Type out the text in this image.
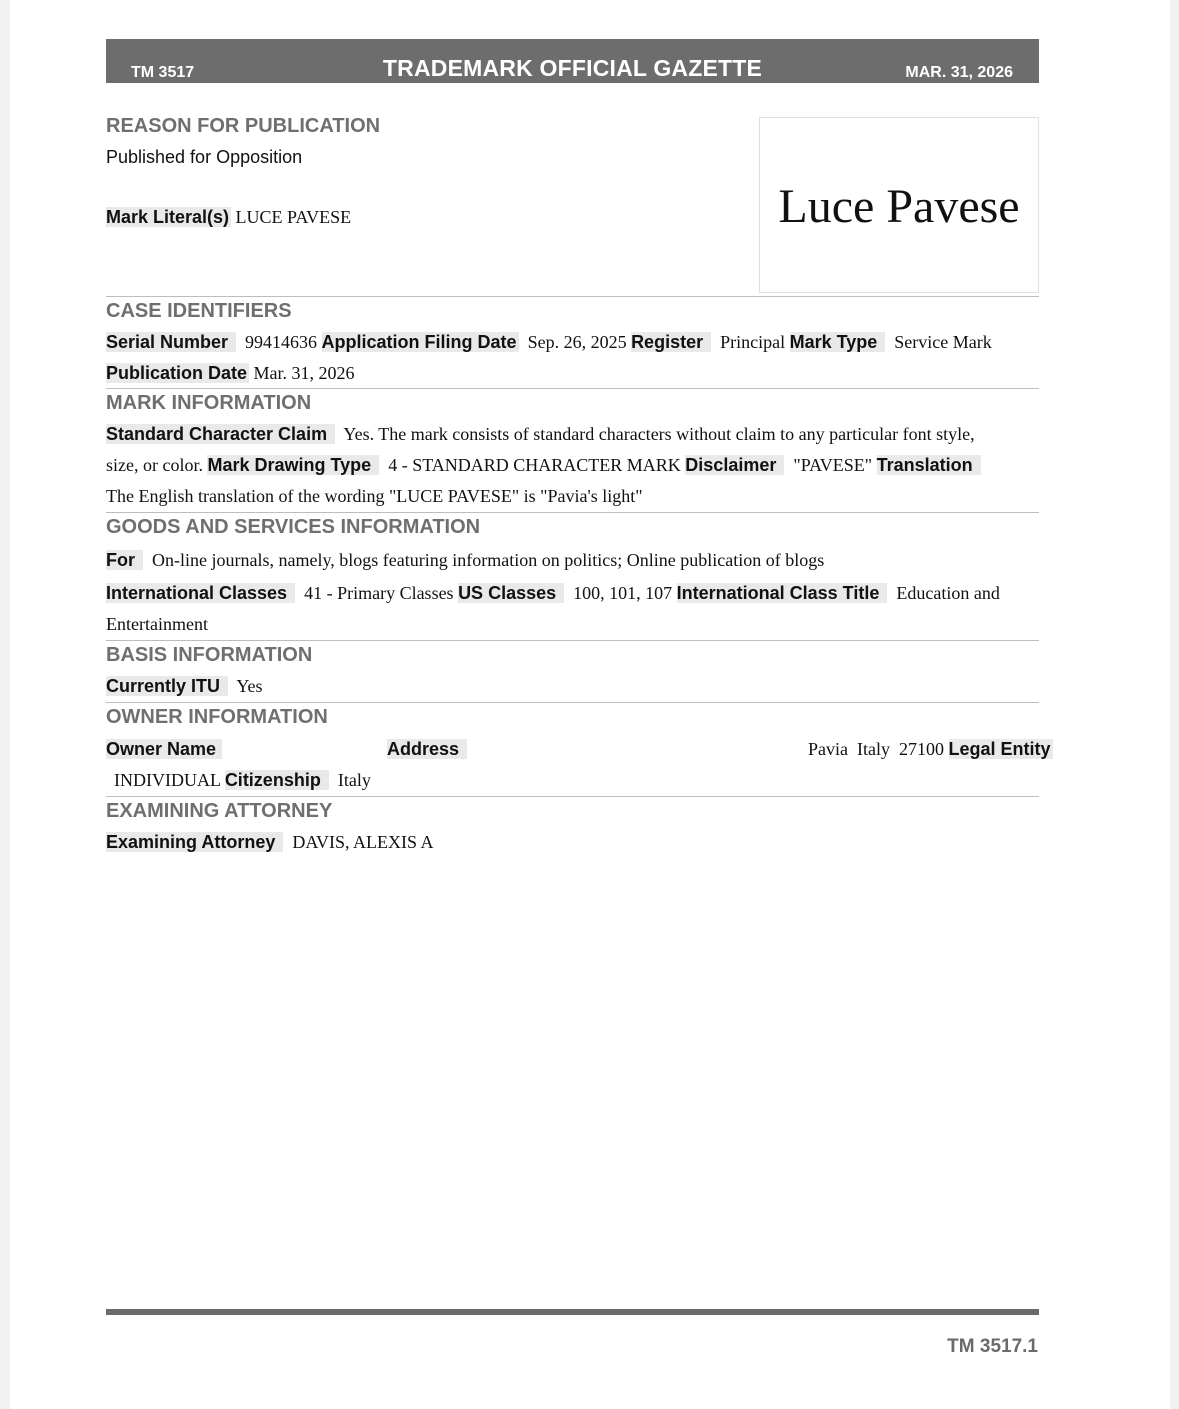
TM 3517	TRADEMARK OFFICIAL GAZETTE	MAR. 31, 2026
REASON FOR PUBLICATION
Published for Opposition
Mark Literal(s) LUCE PAVESE	Luce Pavese
CASE IDENTIFIERS
Serial Number 99414636 Application Filing Date Sep. 26, 2025 Register Principal Mark Type Service Mark
Publication Date Mar. 31, 2026
MARK INFORMATION
Standard Character Claim Yes. The mark consists of standard characters without claim to any particular font style,
size, or color. Mark Drawing Type 4 - STANDARD CHARACTER MARK Disclaimer "PAVESE" Translation
The English translation of the wording "LUCE PAVESE" is "Pavia's light"
GOODS AND SERVICES INFORMATION
For On-line journals, namely, blogs featuring information on politics; Online publication of blogs
International Classes 41 - Primary Classes US Classes 100, 101, 107 International Class Title Education and
Entertainment
BASIS INFORMATION
Currently ITU Yes
OWNER INFORMATION
Owner Name	Address	Pavia Italy 27100 Legal Entity
INDIVIDUAL Citizenship Italy
EXAMINING ATTORNEY
Examining Attorney DAVIS, ALEXIS A
TM 3517.1
